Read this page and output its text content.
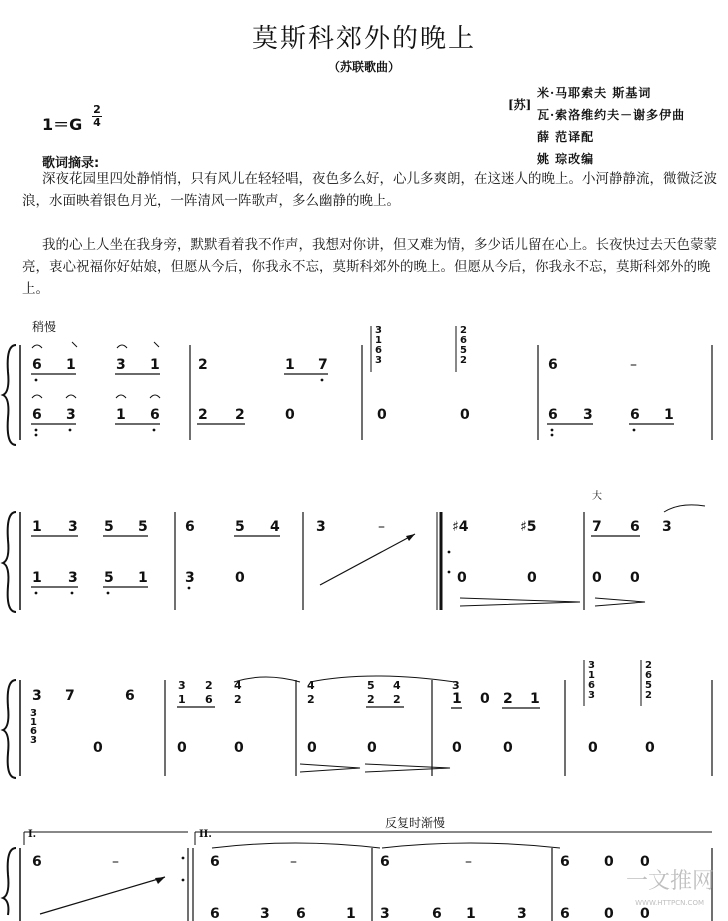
莫斯科郊外的晚上
（苏联歌曲）
1＝G
2
4
[苏]
米·马耶索夫 斯基词
瓦·索洛维约夫－谢多伊曲
薛 范译配
姚 琮改编
歌词摘录:
深夜花园里四处静悄悄，只有风儿在轻轻唱，夜色多么好，心儿多爽朗，在这迷人的晚上。小河静静流，微微泛波浪，水面映着银色月光，一阵清风一阵歌声，多么幽静的晚上。
我的心上人坐在我身旁，默默看着我不作声，我想对你讲，但又难为情，多少话儿留在心上。长夜快过去天色蒙蒙亮，衷心祝福你好姑娘，但愿从今后，你我永不忘，莫斯科郊外的晚上。但愿从今后，你我永不忘，莫斯科郊外的晚上。
稍慢
反复时渐慢
大
I.	II.
6 1	3 1
6 3	1 6
2	1 7
2 2	0
3
1
6
3
2
6
5
2
0	0
6	–
6 3	6 1
1 3 5 5
1 3 5 1
6	5 4
3	0
3	–	♯4	♯5
0	0
7 6 3
0 0
3 7	6
3
1
6
3	0
3
1
2
6
4
2
0	0
4
2
5
2
4
2
0	0
3
1 0 2 1
0	0
3
1
6
3
2
6
5
2
0	0
6	–	6	–	6	–	6 0 0
6	3 6	1 3	6 1	3 6 0 0
一文推网
WWW.HTTPCN.COM
